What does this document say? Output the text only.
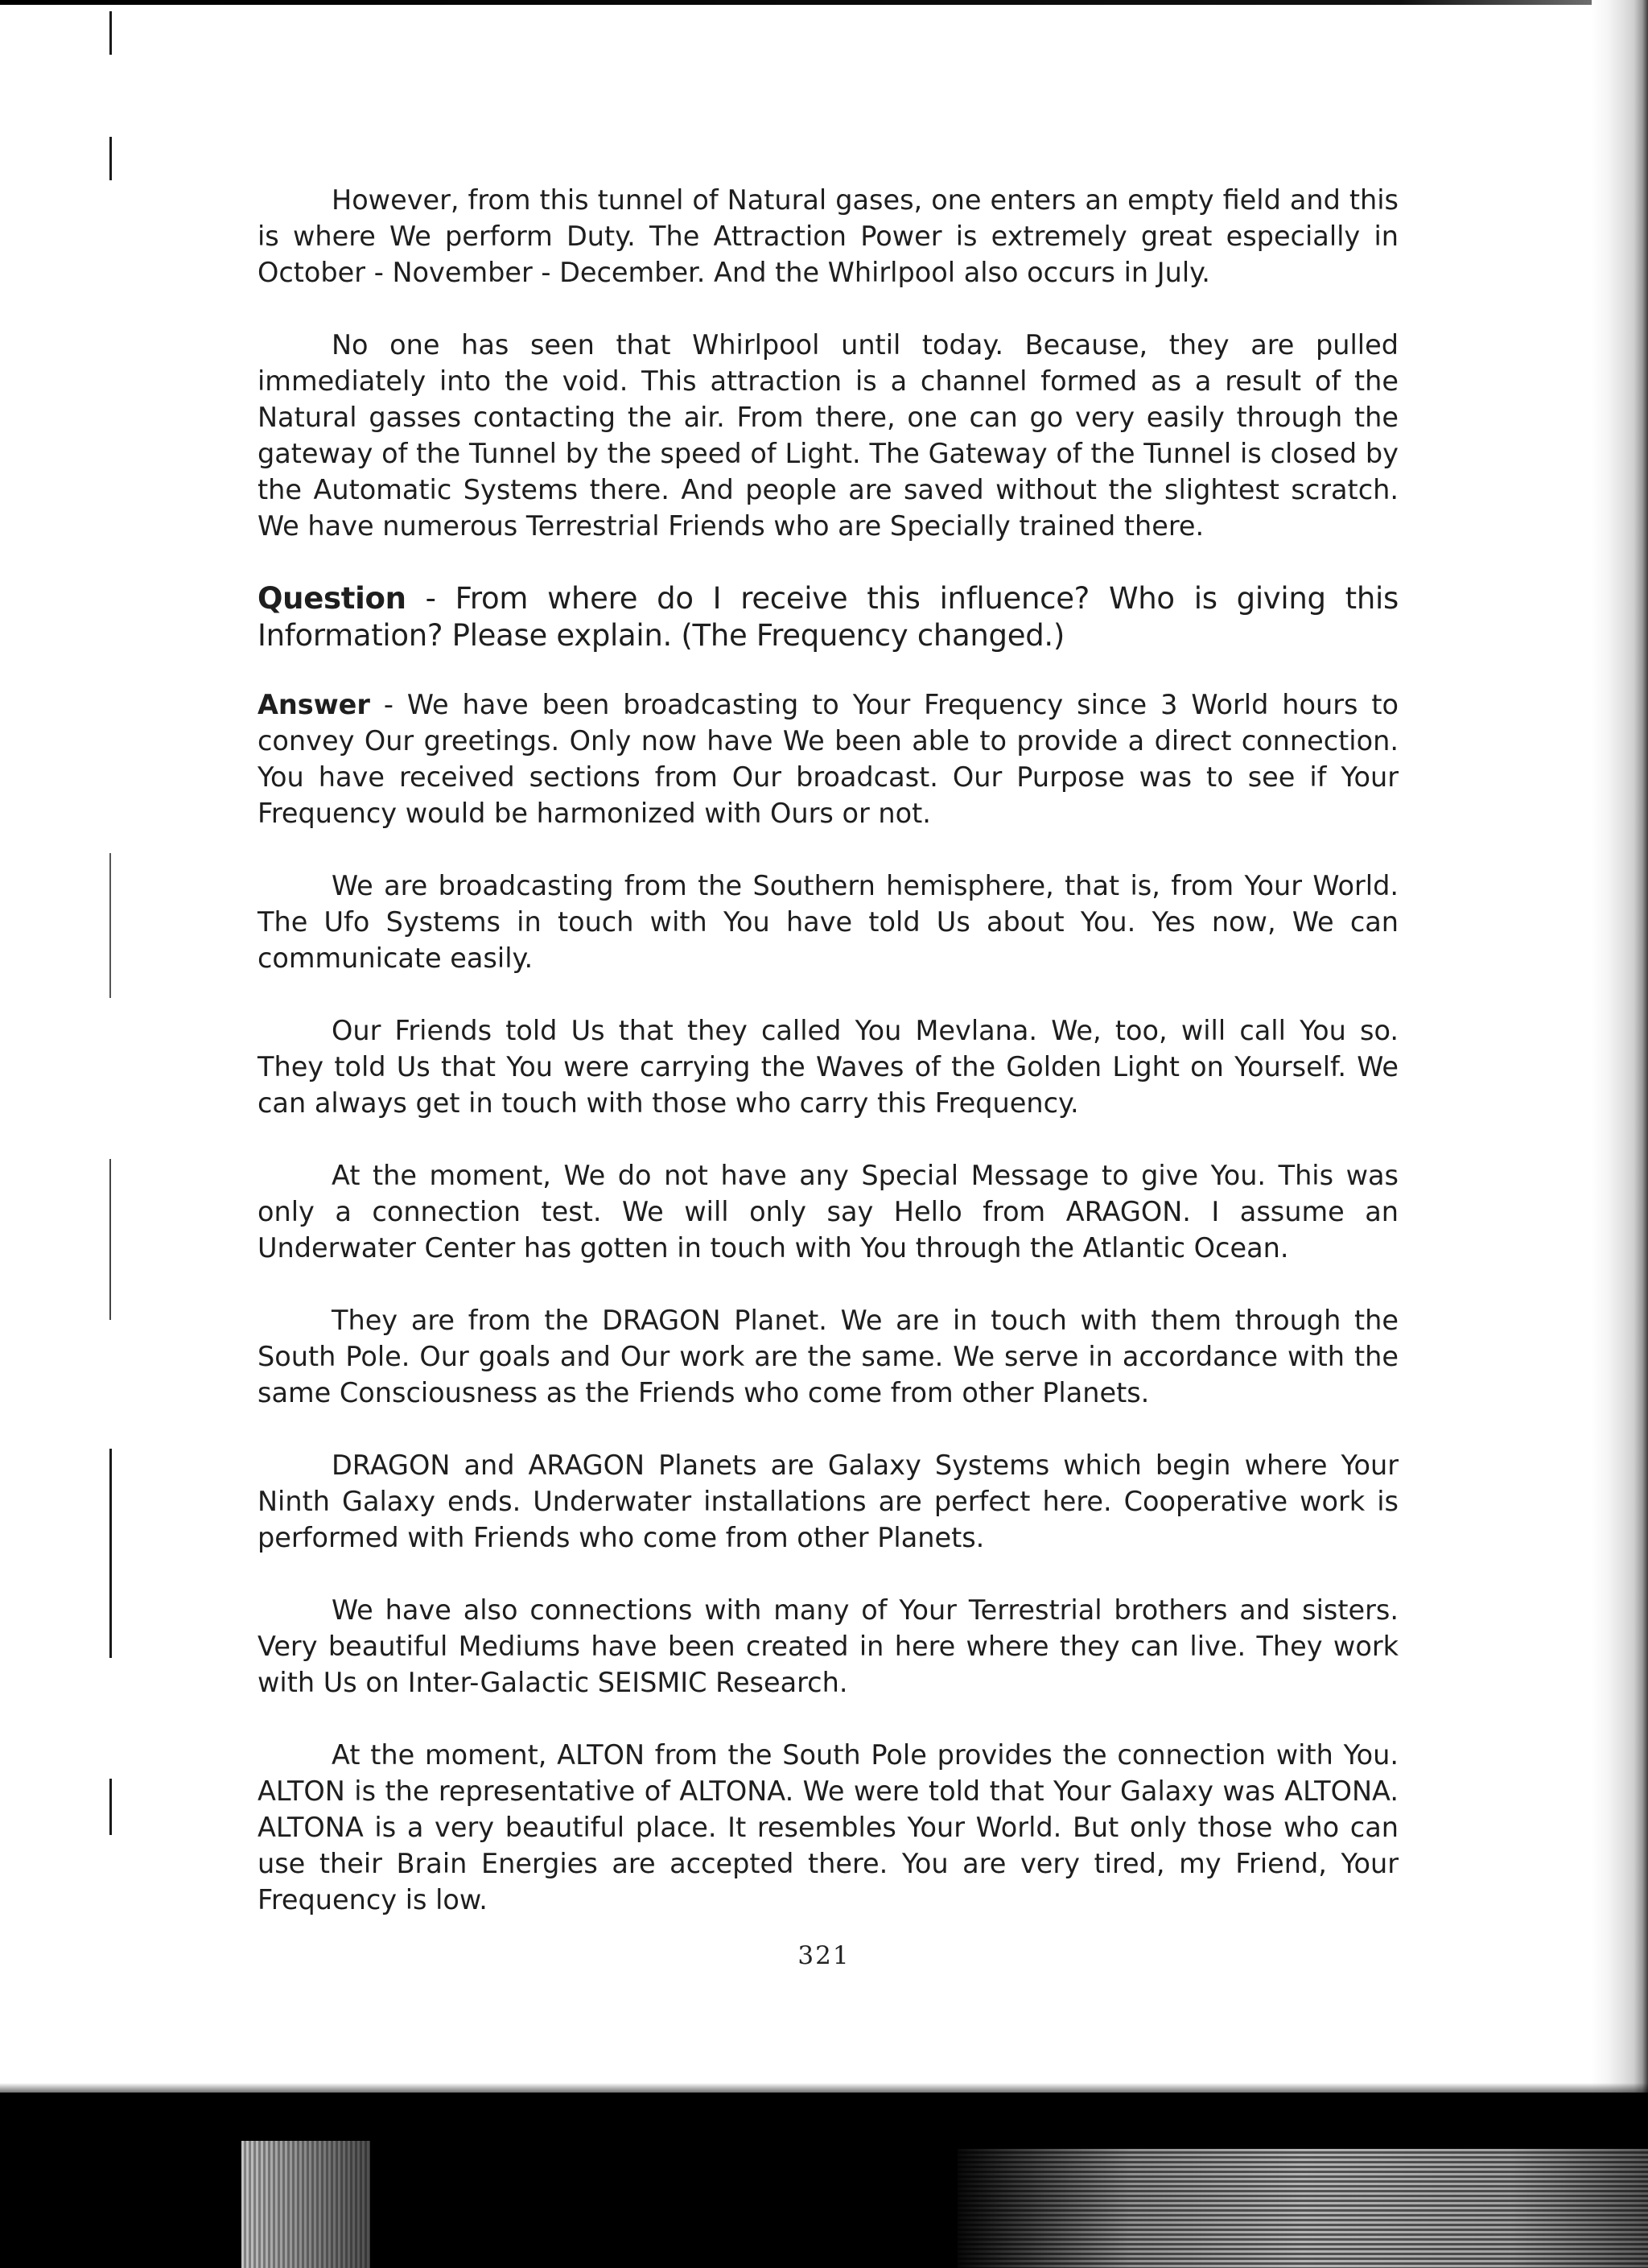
However, from this tunnel of Natural gases, one enters an empty field and this is where We perform Duty. The Attraction Power is extremely great especially in October - November - December. And the Whirlpool also occurs in July.

No one has seen that Whirlpool until today. Because, they are pulled immediately into the void. This attraction is a channel formed as a result of the Natural gasses contacting the air. From there, one can go very easily through the gateway of the Tunnel by the speed of Light. The Gateway of the Tunnel is closed by the Automatic Systems there. And people are saved without the slightest scratch. We have numerous Terrestrial Friends who are Specially trained there.

Question - From where do I receive this influence? Who is giving this Information? Please explain. (The Frequency changed.)

Answer - We have been broadcasting to Your Frequency since 3 World hours to convey Our greetings. Only now have We been able to provide a direct connection. You have received sections from Our broadcast. Our Purpose was to see if Your Frequency would be harmonized with Ours or not.

We are broadcasting from the Southern hemisphere, that is, from Your World. The Ufo Systems in touch with You have told Us about You. Yes now, We can communicate easily.

Our Friends told Us that they called You Mevlana. We, too, will call You so. They told Us that You were carrying the Waves of the Golden Light on Yourself. We can always get in touch with those who carry this Frequency.

At the moment, We do not have any Special Message to give You. This was only a connection test. We will only say Hello from ARAGON. I assume an Underwater Center has gotten in touch with You through the Atlantic Ocean.

They are from the DRAGON Planet. We are in touch with them through the South Pole. Our goals and Our work are the same. We serve in accordance with the same Consciousness as the Friends who come from other Planets.

DRAGON and ARAGON Planets are Galaxy Systems which begin where Your Ninth Galaxy ends. Underwater installations are perfect here. Cooperative work is performed with Friends who come from other Planets.

We have also connections with many of Your Terrestrial brothers and sisters. Very beautiful Mediums have been created in here where they can live. They work with Us on Inter-Galactic SEISMIC Research.

At the moment, ALTON from the South Pole provides the connection with You. ALTON is the representative of ALTONA. We were told that Your Galaxy was ALTONA. ALTONA is a very beautiful place. It resembles Your World. But only those who can use their Brain Energies are accepted there. You are very tired, my Friend, Your Frequency is low.

321
